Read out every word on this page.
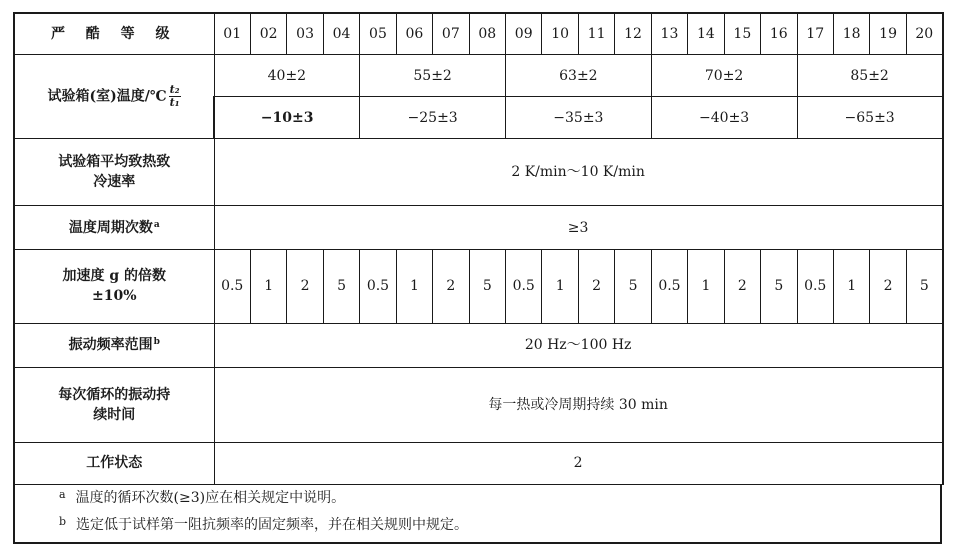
严 酷 等 级	01	02	03	04	05	06	07	08	09	10	11	12	13	14	15	16	17	18	19	20
试验箱(室)温度/℃ $\frac{\text{t₂}}{\text{t₁}}$	40±2				55±2				63±2				70±2				85±2			
	−10±3				−25±3				−35±3				−40±3				−65±3			

试验箱平均致热致
冷速率	2 K/min～10 K/min																			
温度周期次数$^a$	≥3																			

加速度 g 的倍数
±10%	0.5	1	2	5	0.5	1	2	5	0.5	1	2	5	0.5	1	2	5	0.5	1	2	5
振动频率范围$^b$	20 Hz～100 Hz																			

每次循环的振动持
续时间	每一热或冷周期持续 30 min																			
工作状态	2																			
$^a$ 温度的循环次数(≥3)应在相关规定中说明。
$^b$ 选定低于试样第一阻抗频率的固定频率，并在相关规则中规定。
